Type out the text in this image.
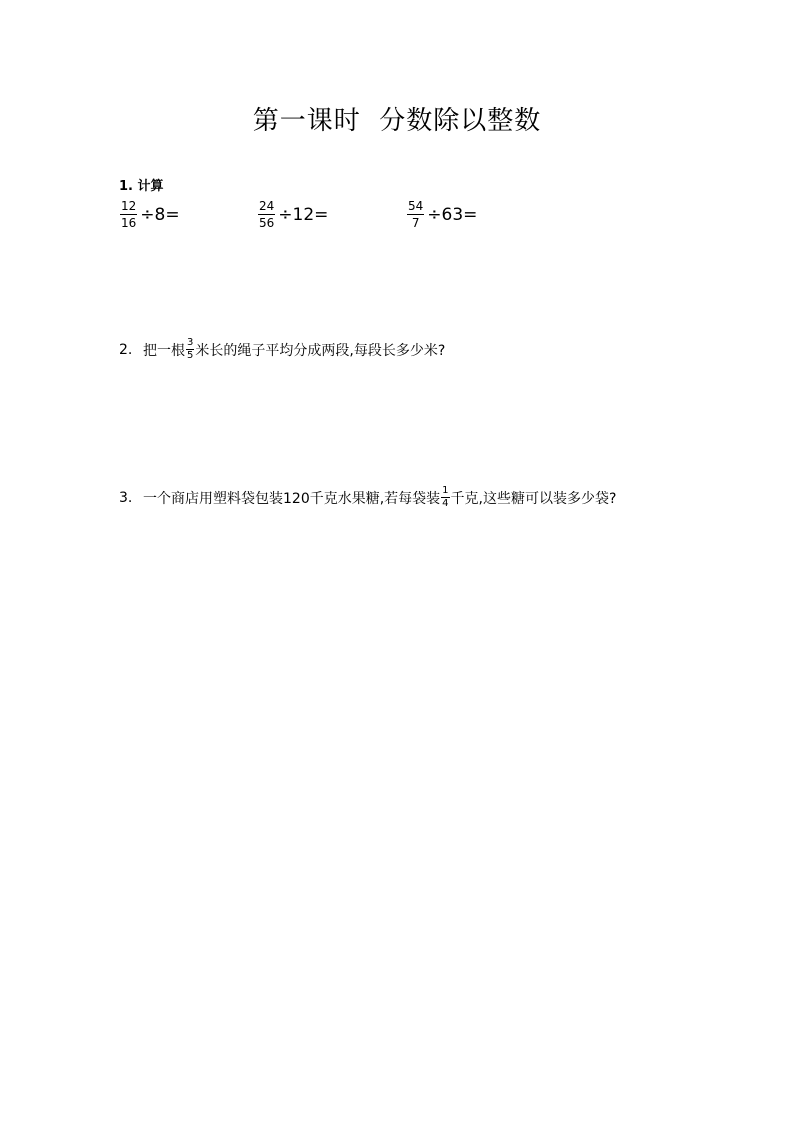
第一课时  分数除以整数
1. 计算
$\frac{12}{16} \div 8$ =	$\frac{24}{56} \div 12$ =	$\frac{54}{7} \div 63$ =
2. 把一根 $\frac{3}{5}$ 米长的绳子平均分成两段,每段长多少米?
3. 一个商店用塑料袋包装120千克水果糖,若每袋装 $\frac{1}{4}$ 千克,这些糖可以装多少袋?
